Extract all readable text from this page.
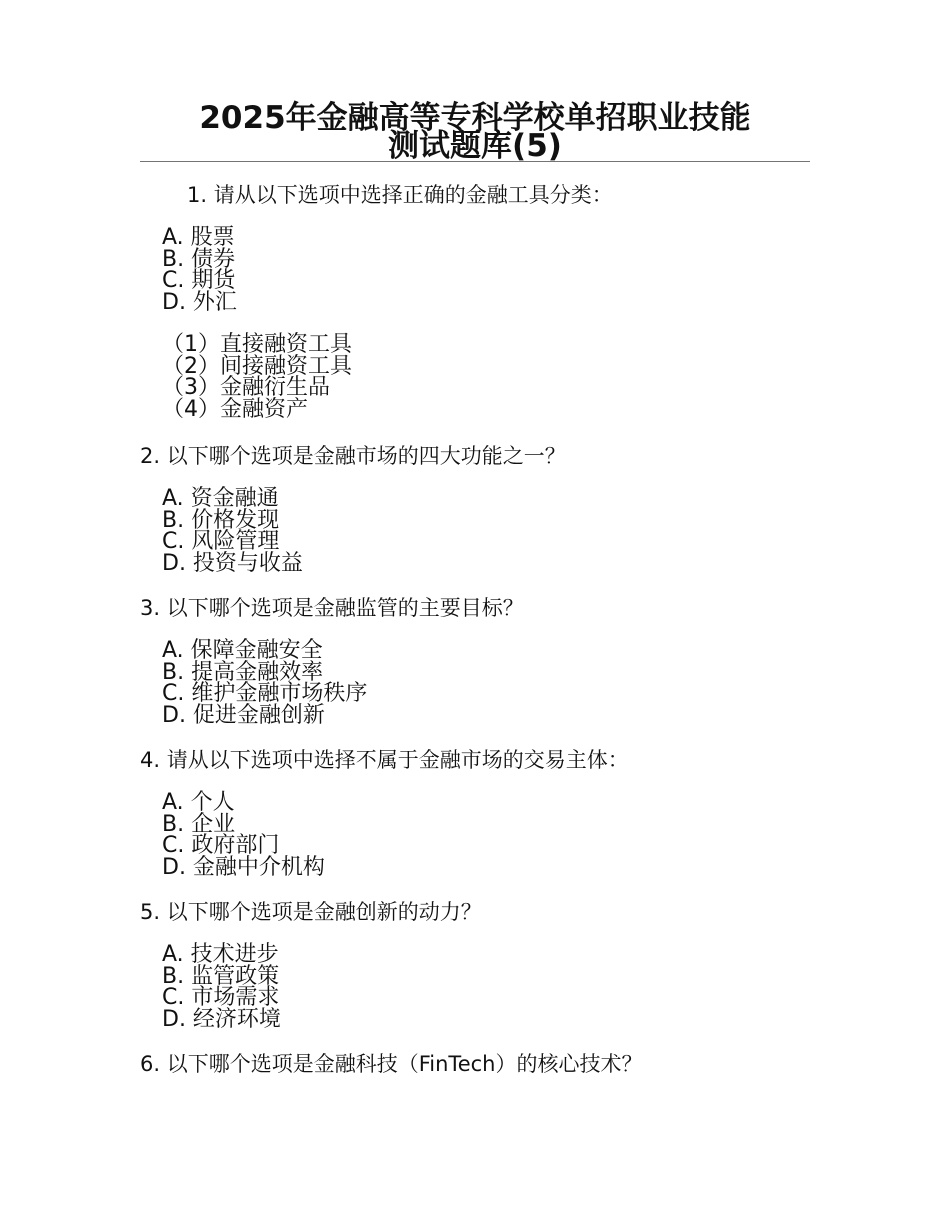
2025年金融高等专科学校单招职业技能
测试题库(5)

1. 请从以下选项中选择正确的金融工具分类：

A. 股票
B. 债券
C. 期货
D. 外汇
（1）直接融资工具
（2）间接融资工具
（3）金融衍生品
（4）金融资产

2. 以下哪个选项是金融市场的四大功能之一？

A. 资金融通
B. 价格发现
C. 风险管理
D. 投资与收益

3. 以下哪个选项是金融监管的主要目标？

A. 保障金融安全
B. 提高金融效率
C. 维护金融市场秩序
D. 促进金融创新

4. 请从以下选项中选择不属于金融市场的交易主体：

A. 个人
B. 企业
C. 政府部门
D. 金融中介机构

5. 以下哪个选项是金融创新的动力？

A. 技术进步
B. 监管政策
C. 市场需求
D. 经济环境

6. 以下哪个选项是金融科技（FinTech）的核心技术？
